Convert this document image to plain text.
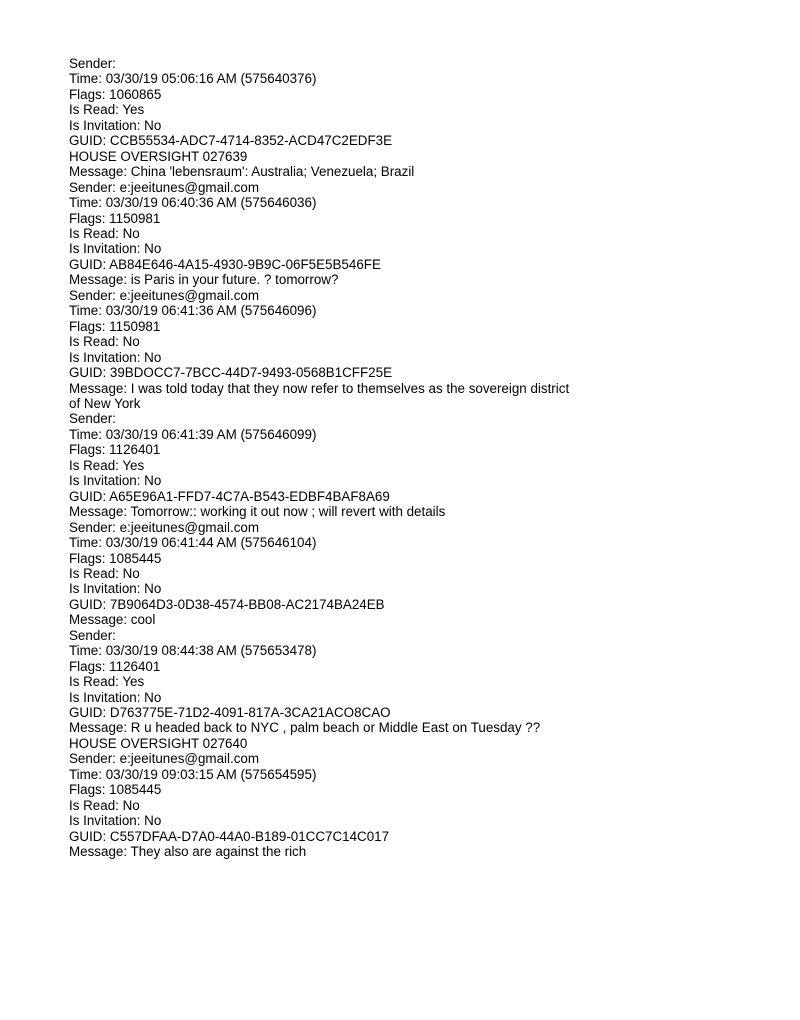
Sender:
Time: 03/30/19 05:06:16 AM (575640376)
Flags: 1060865
Is Read: Yes
Is Invitation: No
GUID: CCB55534-ADC7-4714-8352-ACD47C2EDF3E
HOUSE OVERSIGHT 027639
Message: China 'lebensraum': Australia; Venezuela; Brazil
Sender: e:jeeitunes@gmail.com
Time: 03/30/19 06:40:36 AM (575646036)
Flags: 1150981
Is Read: No
Is Invitation: No
GUID: AB84E646-4A15-4930-9B9C-06F5E5B546FE
Message: is Paris in your future. ? tomorrow?
Sender: e:jeeitunes@gmail.com
Time: 03/30/19 06:41:36 AM (575646096)
Flags: 1150981
Is Read: No
Is Invitation: No
GUID: 39BDOCC7-7BCC-44D7-9493-0568B1CFF25E
Message: I was told today that they now refer to themselves as the sovereign district
of New York
Sender:
Time: 03/30/19 06:41:39 AM (575646099)
Flags: 1126401
Is Read: Yes
Is Invitation: No
GUID: A65E96A1-FFD7-4C7A-B543-EDBF4BAF8A69
Message: Tomorrow:: working it out now ; will revert with details
Sender: e:jeeitunes@gmail.com
Time: 03/30/19 06:41:44 AM (575646104)
Flags: 1085445
Is Read: No
Is Invitation: No
GUID: 7B9064D3-0D38-4574-BB08-AC2174BA24EB
Message: cool
Sender:
Time: 03/30/19 08:44:38 AM (575653478)
Flags: 1126401
Is Read: Yes
Is Invitation: No
GUID: D763775E-71D2-4091-817A-3CA21ACO8CAO
Message: R u headed back to NYC , palm beach or Middle East on Tuesday ??
HOUSE OVERSIGHT 027640
Sender: e:jeeitunes@gmail.com
Time: 03/30/19 09:03:15 AM (575654595)
Flags: 1085445
Is Read: No
Is Invitation: No
GUID: C557DFAA-D7A0-44A0-B189-01CC7C14C017
Message: They also are against the rich
